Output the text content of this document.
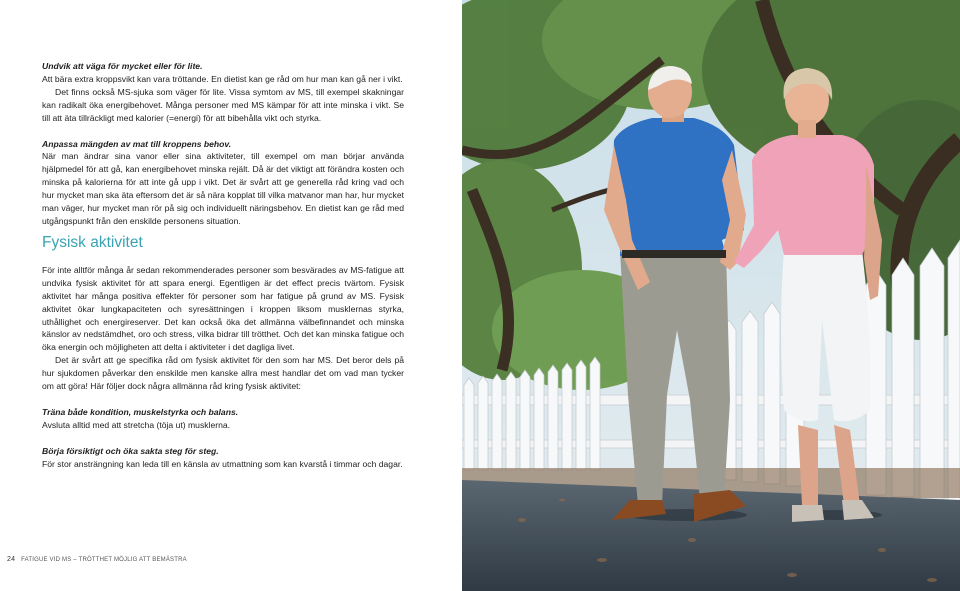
Undvik att väga för mycket eller för lite.

Att bära extra kroppsvikt kan vara tröttande. En dietist kan ge råd om hur man kan gå ner i vikt.

Det finns också MS-sjuka som väger för lite. Vissa symtom av MS, till exempel skakningar kan radikalt öka energibehovet. Många personer med MS kämpar för att inte minska i vikt. Se till att äta tillräckligt med kalorier (=energi) för att bibehålla vikt och styrka.

Anpassa mängden av mat till kroppens behov.

När man ändrar sina vanor eller sina aktiviteter, till exempel om man börjar använda hjälpmedel för att gå, kan energibehovet minska rejält. Då är det viktigt att förändra kosten och minska på kalorierna för att inte gå upp i vikt. Det är svårt att ge generella råd kring vad och hur mycket man ska äta eftersom det är så nära kopplat till vilka matvanor man har, hur mycket man väger, hur mycket man rör på sig och individuellt näringsbehov. En dietist kan ge råd med utgångspunkt från den enskilde personens situation.

Fysisk aktivitet

För inte alltför många år sedan rekommenderades personer som besväradеs av MS-fatigue att undvika fysisk aktivitet för att spara energi. Egentligen är det effect precis tvärtom. Fysisk aktivitet har många positiva effekter för personer som har fatigue på grund av MS. Fysisk aktivitet ökar lungkapaciteten och syresättningen i kroppen liksom musklernas styrka, uthållighet och energireserver. Det kan också öka det allmänna välbefinnandet och minska känslor av nedstämdhet, oro och stress, vilka bidrar till trötthet. Och det kan minska fatigue och öka energin och möjligheten att delta i aktiviteter i det dagliga livet.

Det är svårt att ge specifika råd om fysisk aktivitet för den som har MS. Det beror dels på hur sjukdomen påverkar den enskilde men kanske allra mest handlar det om vad man tycker om att göra! Här följer dock några allmänna råd kring fysisk aktivitet:

Träna både kondition, muskelstyrka och balans.

Avsluta alltid med att stretcha (töja ut) musklerna.

Börja försiktigt och öka sakta steg för steg.

För stor ansträngning kan leda till en känsla av utmattning som kan kvarstå i timmar och dagar.

24 FATIGUE VID MS – TRÖTTHET MÖJLIG ATT BEMÄSTRA
